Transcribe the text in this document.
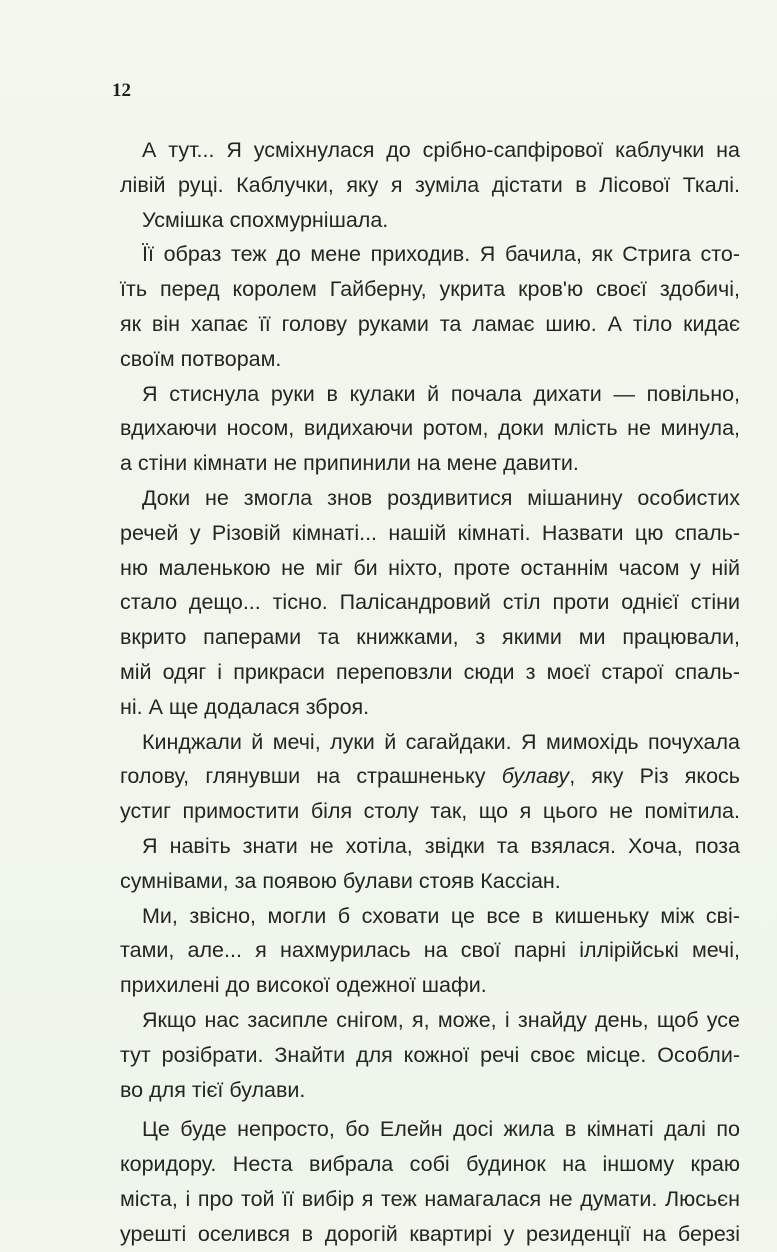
12
А тут... Я усміхнулася до срібно-сапфірової каблучки на
лівій руці. Каблучки, яку я зуміла дістати в Лісової Ткалі.
Усмішка спохмурнішала.
Її образ теж до мене приходив. Я бачила, як Стрига сто-
їть перед королем Гайберну, укрита кров'ю своєї здобичі,
як він хапає її голову руками та ламає шию. А тіло кидає
своїм потворам.
Я стиснула руки в кулаки й почала дихати — повільно,
вдихаючи носом, видихаючи ротом, доки млість не минула,
а стіни кімнати не припинили на мене давити.
Доки не змогла знов роздивитися мішанину особистих
речей у Різовій кімнаті... нашій кімнаті. Назвати цю спаль-
ню маленькою не міг би ніхто, проте останнім часом у ній
стало дещо... тісно. Палісандровий стіл проти однієї стіни
вкрито паперами та книжками, з якими ми працювали,
мій одяг і прикраси переповзли сюди з моєї старої спаль-
ні. А ще додалася зброя.
Кинджали й мечі, луки й сагайдаки. Я мимохідь почухала
голову, глянувши на страшненьку булаву, яку Різ якось
устиг примостити біля столу так, що я цього не помітила.
Я навіть знати не хотіла, звідки та взялася. Хоча, поза
сумнівами, за появою булави стояв Кассіан.
Ми, звісно, могли б сховати це все в кишеньку між сві-
тами, але... я нахмурилась на свої парні іллірійські мечі,
прихилені до високої одежної шафи.
Якщо нас засипле снігом, я, може, і знайду день, щоб усе
тут розібрати. Знайти для кожної речі своє місце. Особли-
во для тієї булави.
Це буде непросто, бо Елейн досі жила в кімнаті далі по
коридору. Неста вибрала собі будинок на іншому краю
міста, і про той її вибір я теж намагалася не думати. Люсьєн
урешті оселився в дорогій квартирі у резиденції на березі
